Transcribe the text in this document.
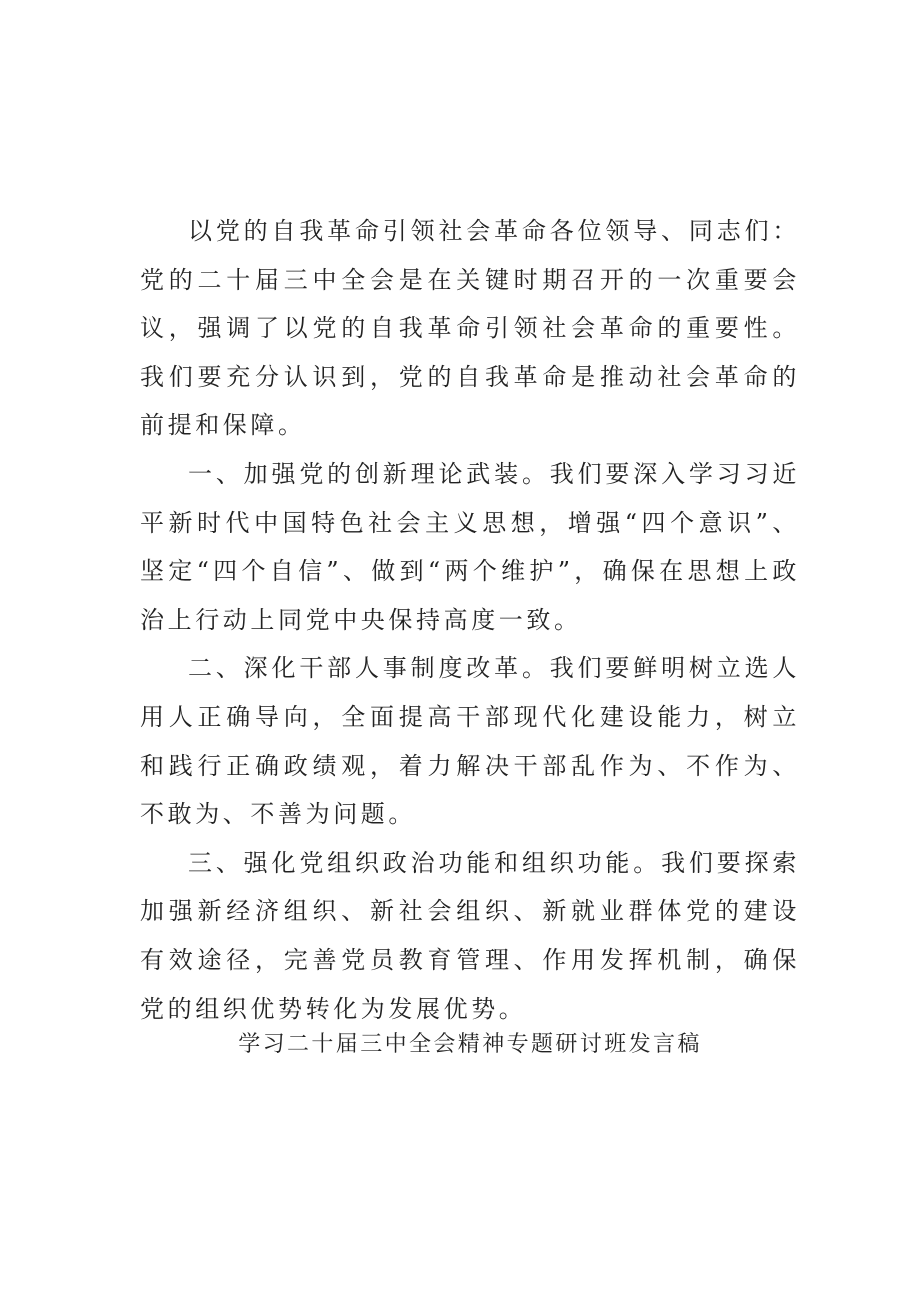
以党的自我革命引领社会革命各位领导、同志们：党的二十届三中全会是在关键时期召开的一次重要会议，强调了以党的自我革命引领社会革命的重要性。我们要充分认识到，党的自我革命是推动社会革命的前提和保障。

一、加强党的创新理论武装。我们要深入学习习近平新时代中国特色社会主义思想，增强“四个意识”、坚定“四个自信”、做到“两个维护”，确保在思想上政治上行动上同党中央保持高度一致。

二、深化干部人事制度改革。我们要鲜明树立选人用人正确导向，全面提高干部现代化建设能力，树立和践行正确政绩观，着力解决干部乱作为、不作为、不敢为、不善为问题。

三、强化党组织政治功能和组织功能。我们要探索加强新经济组织、新社会组织、新就业群体党的建设有效途径，完善党员教育管理、作用发挥机制，确保党的组织优势转化为发展优势。

学习二十届三中全会精神专题研讨班发言稿
